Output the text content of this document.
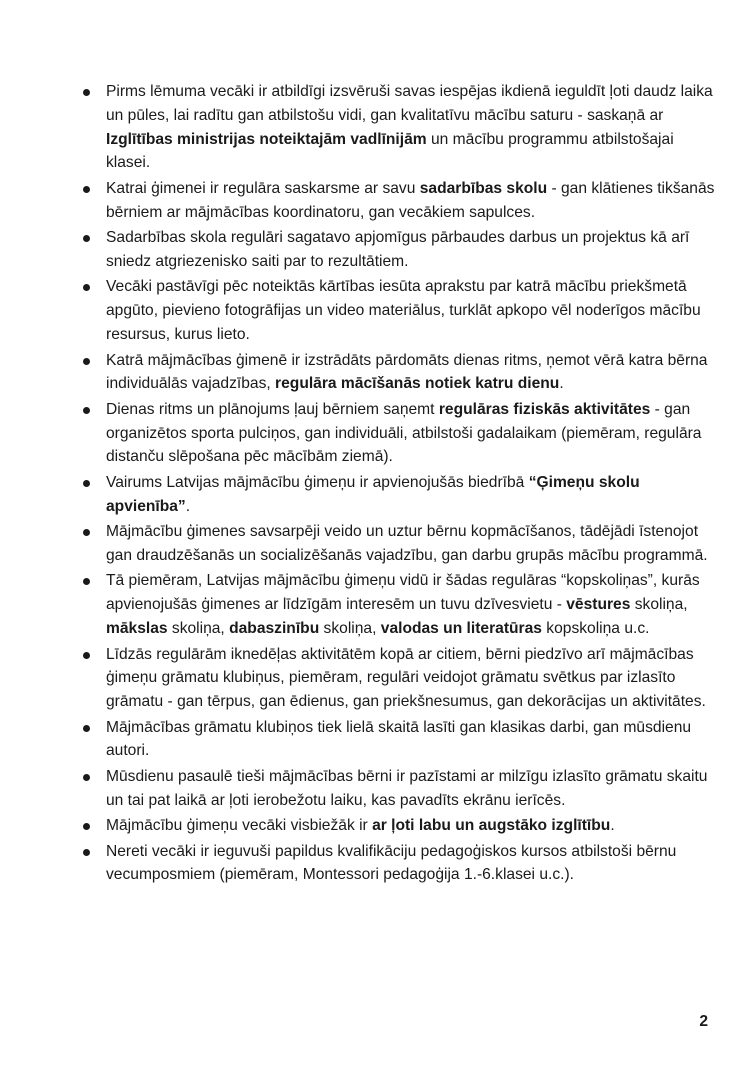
Pirms lēmuma vecāki ir atbildīgi izsvēruši savas iespējas ikdienā ieguldīt ļoti daudz laika un pūles, lai radītu gan atbilstošu vidi, gan kvalitatīvu mācību saturu - saskaņā ar Izglītības ministrijas noteiktajām vadlīnijām un mācību programmu atbilstošajai klasei.
Katrai ģimenei ir regulāra saskarsme ar savu sadarbības skolu - gan klātienes tikšanās bērniem ar mājmācības koordinatoru, gan vecākiem sapulces.
Sadarbības skola regulāri sagatavo apjomīgus pārbaudes darbus un projektus kā arī sniedz atgriezenisko saiti par to rezultātiem.
Vecāki pastāvīgi pēc noteiktās kārtības iesūta aprakstu par katrā mācību priekšmetā apgūto, pievieno fotogrāfijas un video materiālus, turklāt apkopo vēl noderīgos mācību resursus, kurus lieto.
Katrā mājmācības ģimenē ir izstrādāts pārdomāts dienas ritms, ņemot vērā katra bērna individuālās vajadzības, regulāra mācīšanās notiek katru dienu.
Dienas ritms un plānojums ļauj bērniem saņemt regulāras fiziskās aktivitātes - gan organizētos sporta pulciņos, gan individuāli, atbilstoši gadalaikam (piemēram, regulāra distanču slēpošana pēc mācībām ziemā).
Vairums Latvijas mājmācību ģimeņu ir apvienojušās biedrībā “Ģimeņu skolu apvienība”.
Mājmācību ģimenes savsarpēji veido un uztur bērnu kopmācīšanos, tādējādi īstenojot gan draudzēšanās un socializēšanās vajadzību, gan darbu grupās mācību programmā.
Tā piemēram, Latvijas mājmācību ģimeņu vidū ir šādas regulāras “kopskoliņas”, kurās apvienojušās ģimenes ar līdzīgām interesēm un tuvu dzīvesvietu - vēstures skoliņa, mākslas skoliņa, dabaszinību skoliņa, valodas un literatūras kopskoliņa u.c.
Līdzās regulārām iknedēļas aktivitātēm kopā ar citiem, bērni piedzīvo arī mājmācības ģimeņu grāmatu klubiņus, piemēram, regulāri veidojot grāmatu svētkus par izlasīto grāmatu - gan tērpus, gan ēdienus, gan priekšnesumus, gan dekorācijas un aktivitātes.
Mājmācības grāmatu klubiņos tiek lielā skaitā lasīti gan klasikas darbi, gan mūsdienu autori.
Mūsdienu pasaulē tieši mājmācības bērni ir pazīstami ar milzīgu izlasīto grāmatu skaitu un tai pat laikā ar ļoti ierobežotu laiku, kas pavadīts ekrānu ierīcēs.
Mājmācību ģimeņu vecāki visbiežāk ir ar ļoti labu un augstāko izglītību.
Nereti vecāki ir ieguvuši papildus kvalifikāciju pedagoģiskos kursos atbilstoši bērnu vecumposmiem (piemēram, Montessori pedagoģija 1.-6.klasei u.c.).
2
